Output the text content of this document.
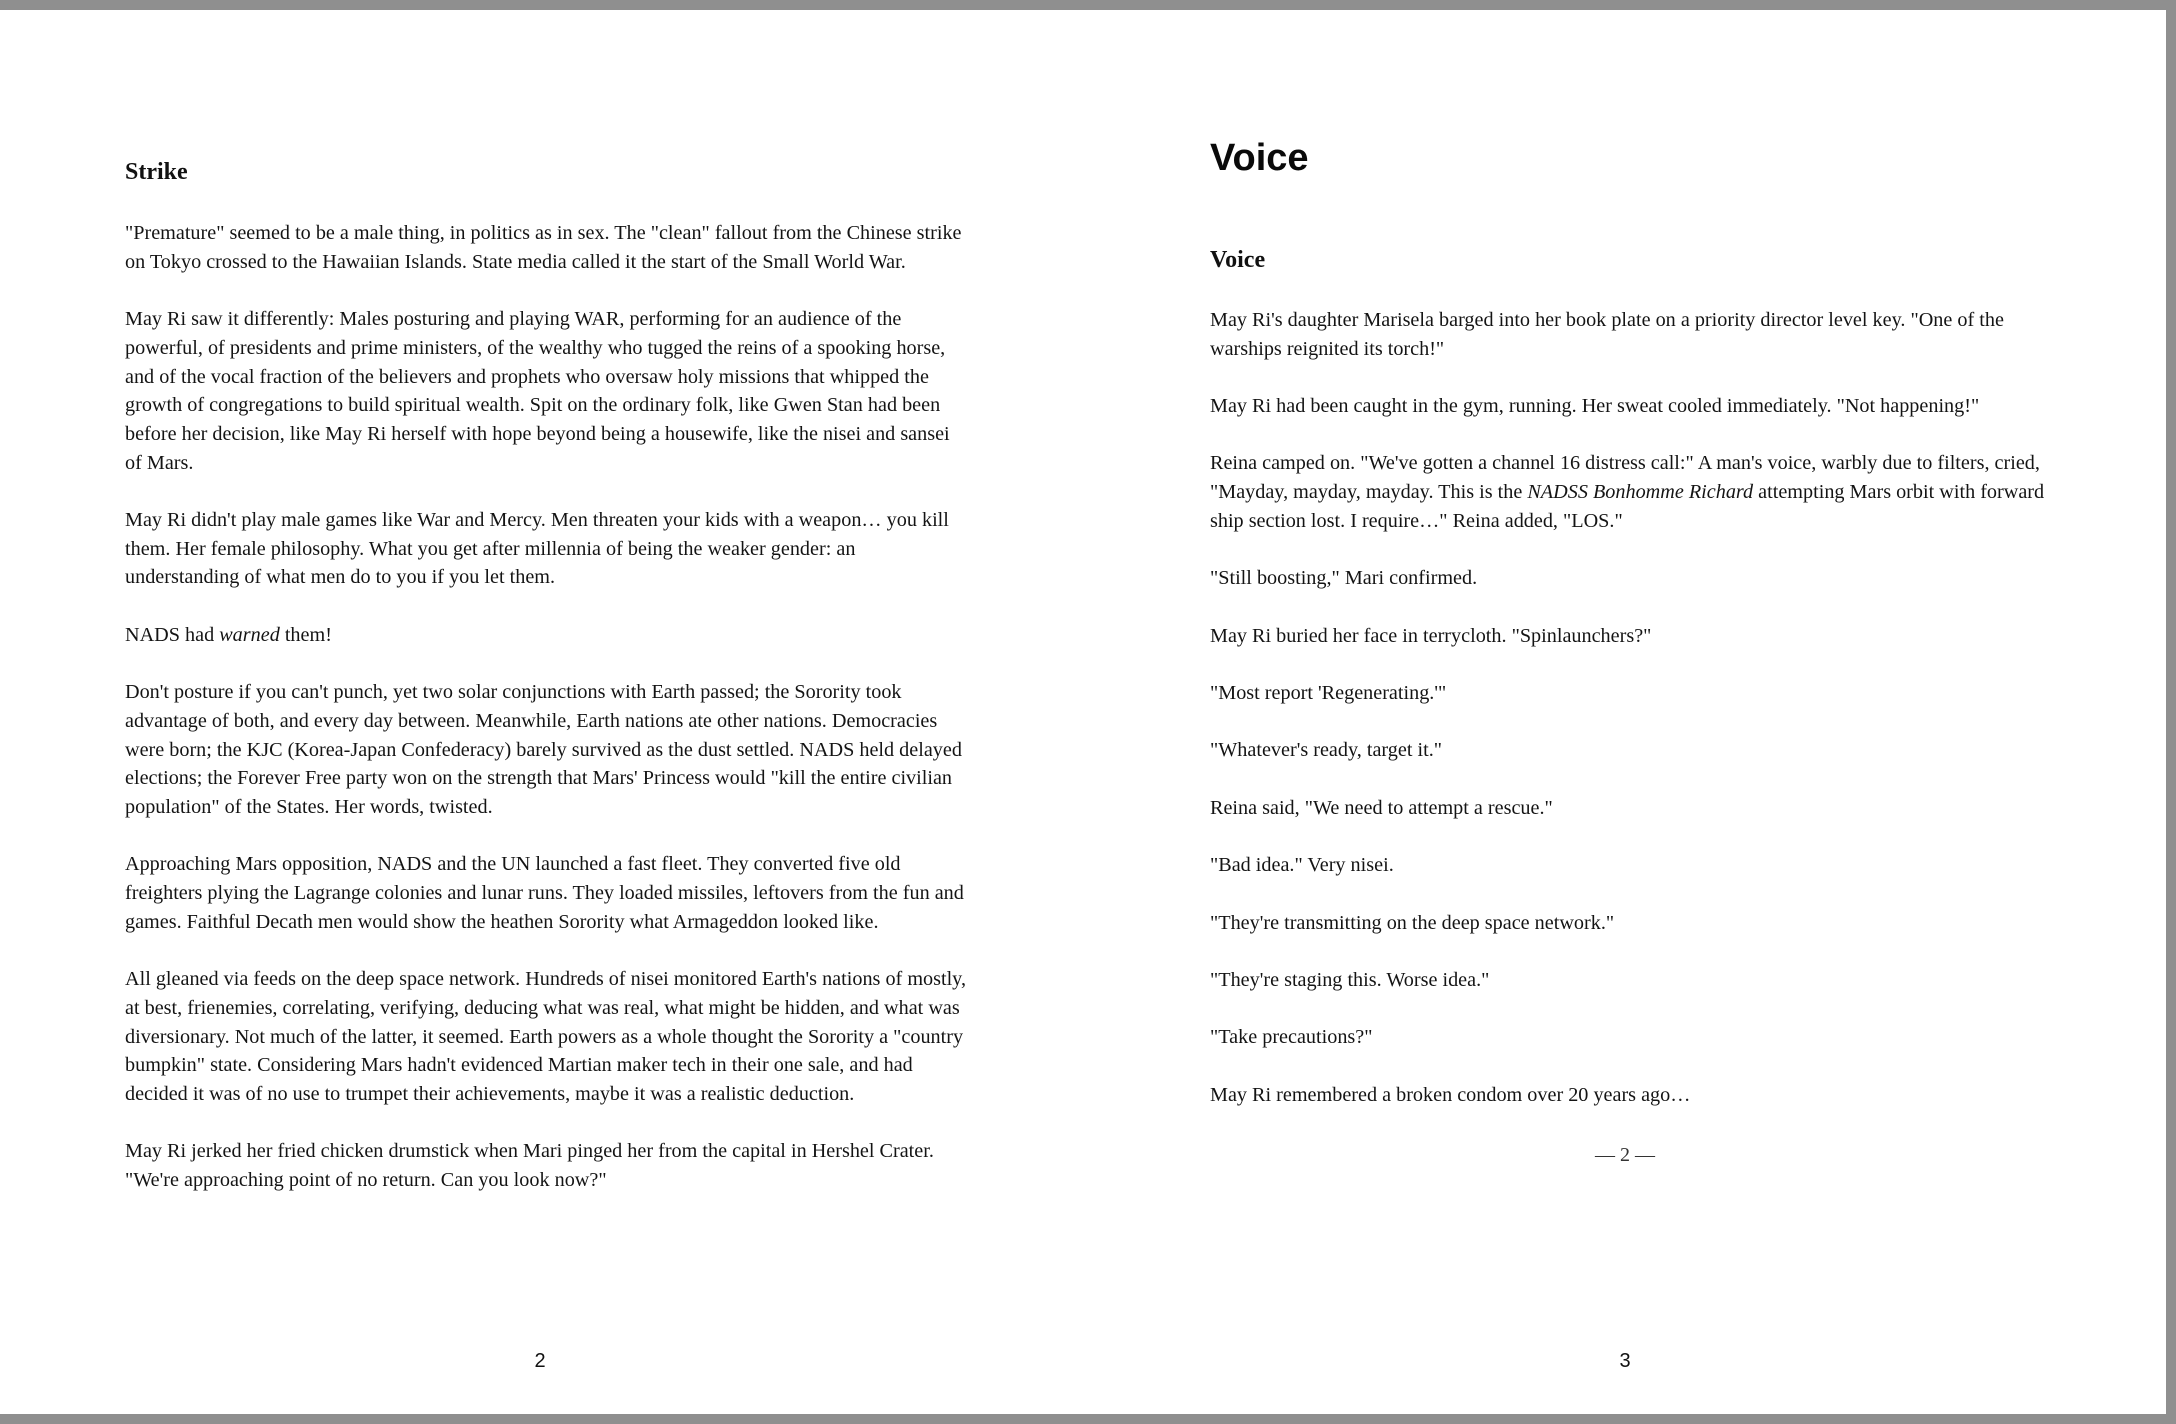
Strike

"Premature" seemed to be a male thing, in politics as in sex. The "clean" fallout from the Chinese strike on Tokyo crossed to the Hawaiian Islands. State media called it the start of the Small World War.

May Ri saw it differently: Males posturing and playing WAR, performing for an audience of the powerful, of presidents and prime ministers, of the wealthy who tugged the reins of a spooking horse, and of the vocal fraction of the believers and prophets who oversaw holy missions that whipped the growth of congregations to build spiritual wealth. Spit on the ordinary folk, like Gwen Stan had been before her decision, like May Ri herself with hope beyond being a housewife, like the nisei and sansei of Mars.

May Ri didn't play male games like War and Mercy. Men threaten your kids with a weapon… you kill them. Her female philosophy. What you get after millennia of being the weaker gender: an understanding of what men do to you if you let them.

NADS had warned them!

Don't posture if you can't punch, yet two solar conjunctions with Earth passed; the Sorority took advantage of both, and every day between. Meanwhile, Earth nations ate other nations. Democracies were born; the KJC (Korea-Japan Confederacy) barely survived as the dust settled. NADS held delayed elections; the Forever Free party won on the strength that Mars' Princess would "kill the entire civilian population" of the States. Her words, twisted.

Approaching Mars opposition, NADS and the UN launched a fast fleet. They converted five old freighters plying the Lagrange colonies and lunar runs. They loaded missiles, leftovers from the fun and games. Faithful Decath men would show the heathen Sorority what Armageddon looked like.

All gleaned via feeds on the deep space network. Hundreds of nisei monitored Earth's nations of mostly, at best, frienemies, correlating, verifying, deducing what was real, what might be hidden, and what was diversionary. Not much of the latter, it seemed. Earth powers as a whole thought the Sorority a "country bumpkin" state. Considering Mars hadn't evidenced Martian maker tech in their one sale, and had decided it was of no use to trumpet their achievements, maybe it was a realistic deduction.

May Ri jerked her fried chicken drumstick when Mari pinged her from the capital in Hershel Crater. "We're approaching point of no return. Can you look now?"

2
Voice
Voice

May Ri's daughter Marisela barged into her book plate on a priority director level key. "One of the warships reignited its torch!"

May Ri had been caught in the gym, running. Her sweat cooled immediately. "Not happening!"

Reina camped on. "We've gotten a channel 16 distress call:" A man's voice, warbly due to filters, cried, "Mayday, mayday, mayday. This is the NADSS Bonhomme Richard attempting Mars orbit with forward ship section lost. I require…" Reina added, "LOS."

"Still boosting," Mari confirmed.

May Ri buried her face in terrycloth. "Spinlaunchers?"

"Most report 'Regenerating.'"

"Whatever's ready, target it."

Reina said, "We need to attempt a rescue."

"Bad idea." Very nisei.

"They're transmitting on the deep space network."

"They're staging this. Worse idea."

"Take precautions?"

May Ri remembered a broken condom over 20 years ago…

3
— 2 —
